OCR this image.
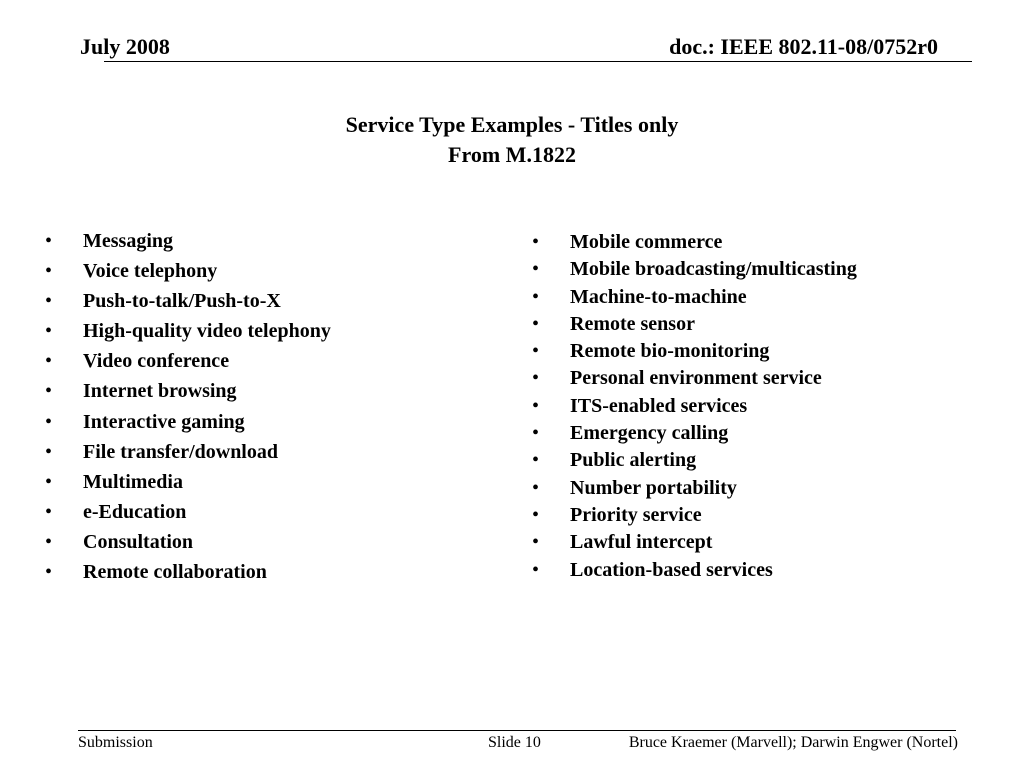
July 2008	doc.: IEEE 802.11-08/0752r0
Service Type Examples - Titles only
From M.1822
• Messaging
• Voice telephony
• Push-to-talk/Push-to-X
• High-quality video telephony
• Video conference
• Internet browsing
• Interactive gaming
• File transfer/download
• Multimedia
• e-Education
• Consultation
• Remote collaboration
• Mobile commerce
• Mobile broadcasting/multicasting
• Machine-to-machine
• Remote sensor
• Remote bio-monitoring
• Personal environment service
• ITS-enabled services
• Emergency calling
• Public alerting
• Number portability
• Priority service
• Lawful intercept
• Location-based services
Submission	Slide 10	Bruce Kraemer (Marvell); Darwin Engwer (Nortel)
